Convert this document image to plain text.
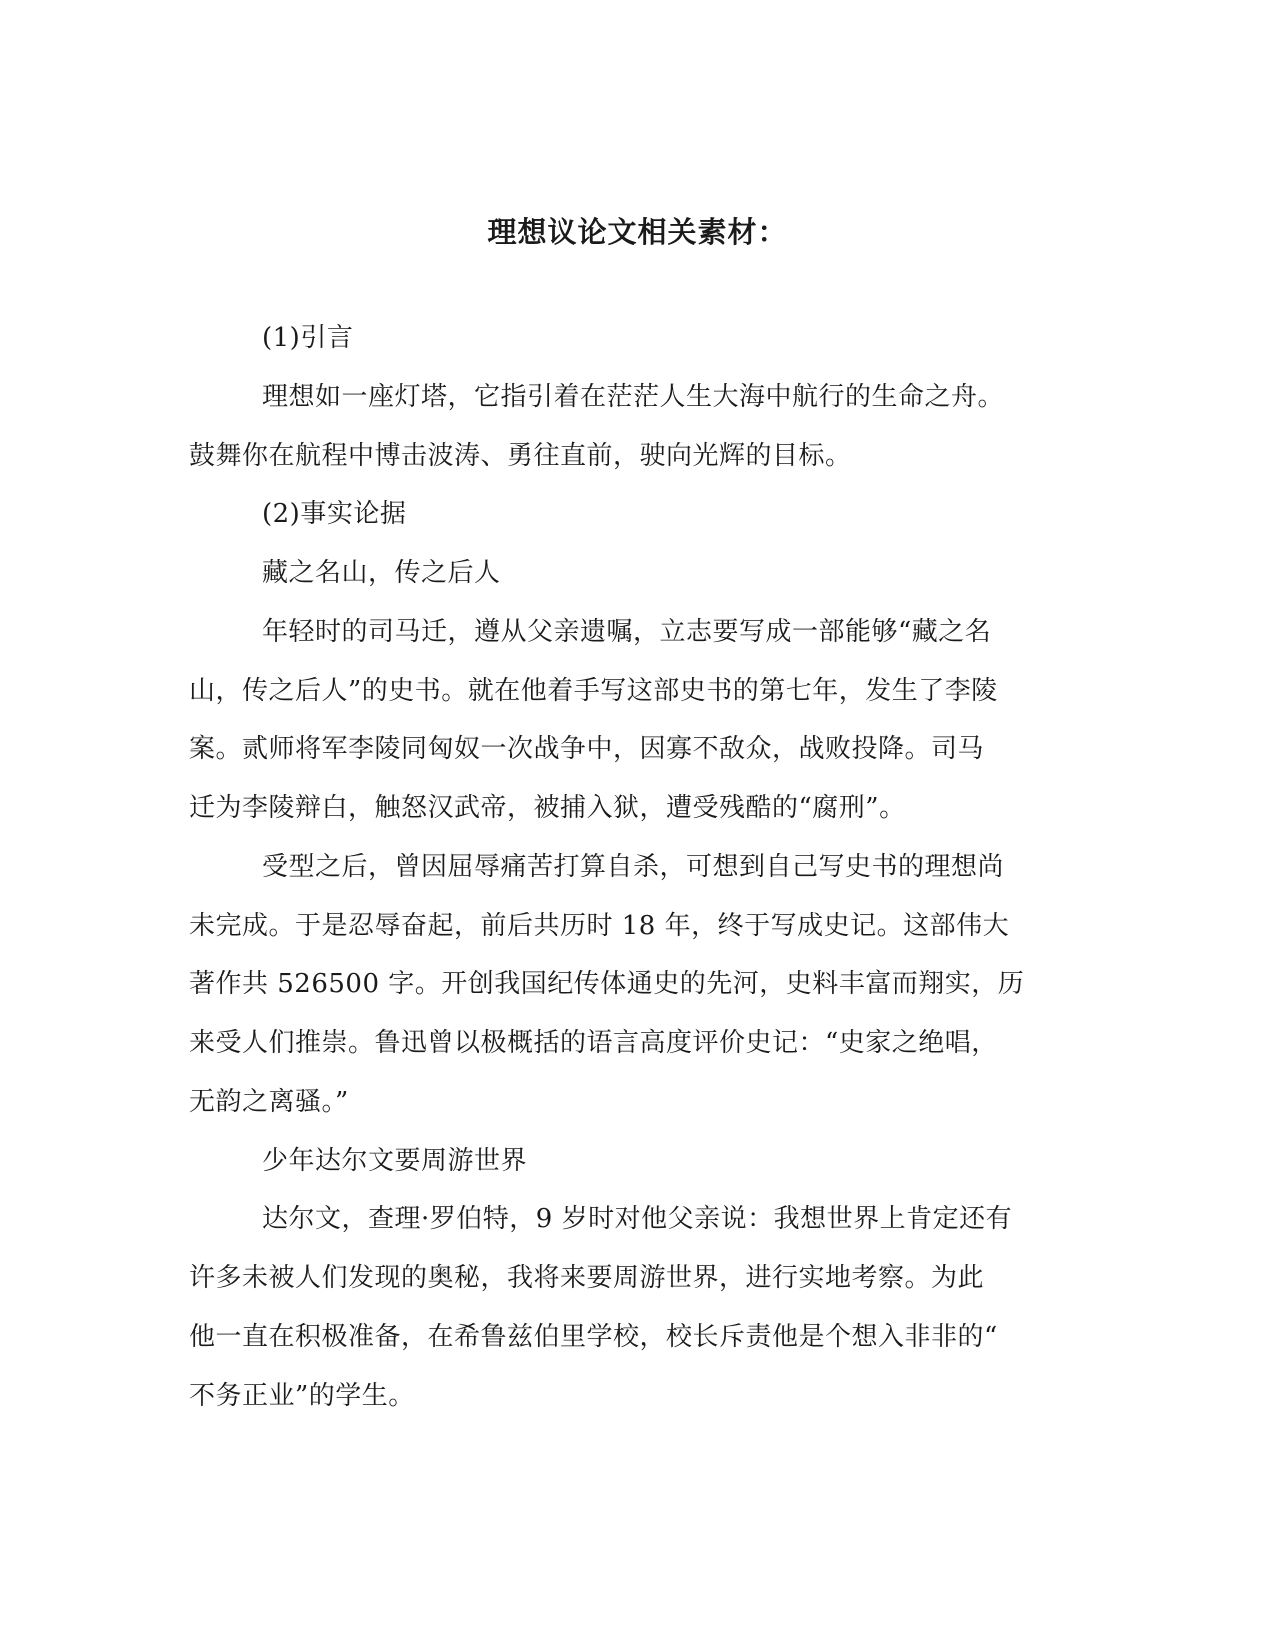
理想议论文相关素材：
(1)引言
理想如一座灯塔，它指引着在茫茫人生大海中航行的生命之舟。
鼓舞你在航程中博击波涛、勇往直前，驶向光辉的目标。
(2)事实论据
藏之名山，传之后人
年轻时的司马迁，遵从父亲遗嘱，立志要写成一部能够“藏之名
山，传之后人”的史书。就在他着手写这部史书的第七年，发生了李陵
案。贰师将军李陵同匈奴一次战争中，因寡不敌众，战败投降。司马
迁为李陵辩白，触怒汉武帝，被捕入狱，遭受残酷的“腐刑”。
受型之后，曾因屈辱痛苦打算自杀，可想到自己写史书的理想尚
未完成。于是忍辱奋起，前后共历时 18 年，终于写成史记。这部伟大
著作共 526500 字。开创我国纪传体通史的先河，史料丰富而翔实，历
来受人们推崇。鲁迅曾以极概括的语言高度评价史记：“史家之绝唱，
无韵之离骚。”
少年达尔文要周游世界
达尔文，查理·罗伯特，9 岁时对他父亲说：我想世界上肯定还有
许多未被人们发现的奥秘，我将来要周游世界，进行实地考察。为此
他一直在积极准备，在希鲁兹伯里学校，校长斥责他是个想入非非的“
不务正业”的学生。
